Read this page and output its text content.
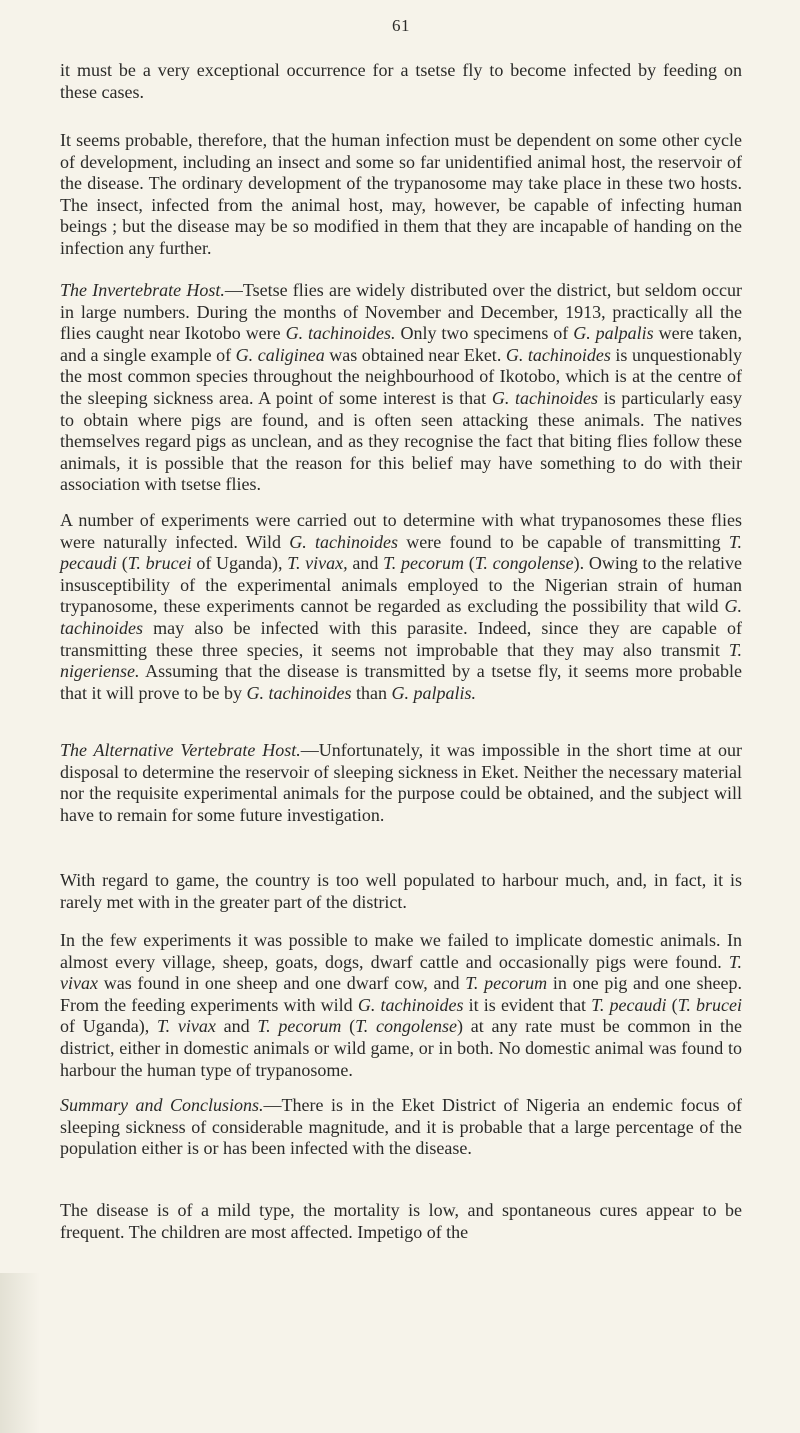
61

it must be a very exceptional occurrence for a tsetse fly to become infected by feeding on these cases.

It seems probable, therefore, that the human infection must be dependent on some other cycle of development, including an insect and some so far unidentified animal host, the reservoir of the disease. The ordinary development of the trypanosome may take place in these two hosts. The insect, infected from the animal host, may, however, be capable of infecting human beings ; but the disease may be so modified in them that they are incapable of handing on the infection any further.

The Invertebrate Host.—Tsetse flies are widely distributed over the district, but seldom occur in large numbers. During the months of November and December, 1913, practically all the flies caught near Ikotobo were G. tachinoides. Only two specimens of G. palpalis were taken, and a single example of G. caliginea was obtained near Eket. G. tachinoides is unquestionably the most common species throughout the neighbourhood of Ikotobo, which is at the centre of the sleeping sickness area. A point of some interest is that G. tachinoides is particularly easy to obtain where pigs are found, and is often seen attacking these animals. The natives themselves regard pigs as unclean, and as they recognise the fact that biting flies follow these animals, it is possible that the reason for this belief may have something to do with their association with tsetse flies.

A number of experiments were carried out to determine with what trypanosomes these flies were naturally infected. Wild G. tachinoides were found to be capable of transmitting T. pecaudi (T. brucei of Uganda), T. vivax, and T. pecorum (T. congolense). Owing to the relative insusceptibility of the experimental animals employed to the Nigerian strain of human trypanosome, these experiments cannot be regarded as excluding the possibility that wild G. tachinoides may also be infected with this parasite. Indeed, since they are capable of transmitting these three species, it seems not improbable that they may also transmit T. nigeriense. Assuming that the disease is transmitted by a tsetse fly, it seems more probable that it will prove to be by G. tachinoides than G. palpalis.

The Alternative Vertebrate Host.—Unfortunately, it was impossible in the short time at our disposal to determine the reservoir of sleeping sickness in Eket. Neither the necessary material nor the requisite experimental animals for the purpose could be obtained, and the subject will have to remain for some future investigation.

With regard to game, the country is too well populated to harbour much, and, in fact, it is rarely met with in the greater part of the district.

In the few experiments it was possible to make we failed to implicate domestic animals. In almost every village, sheep, goats, dogs, dwarf cattle and occasionally pigs were found. T. vivax was found in one sheep and one dwarf cow, and T. pecorum in one pig and one sheep. From the feeding experiments with wild G. tachinoides it is evident that T. pecaudi (T. brucei of Uganda), T. vivax and T. pecorum (T. congolense) at any rate must be common in the district, either in domestic animals or wild game, or in both. No domestic animal was found to harbour the human type of trypanosome.

Summary and Conclusions.—There is in the Eket District of Nigeria an endemic focus of sleeping sickness of considerable magnitude, and it is probable that a large percentage of the population either is or has been infected with the disease.

The disease is of a mild type, the mortality is low, and spontaneous cures appear to be frequent. The children are most affected. Impetigo of the
